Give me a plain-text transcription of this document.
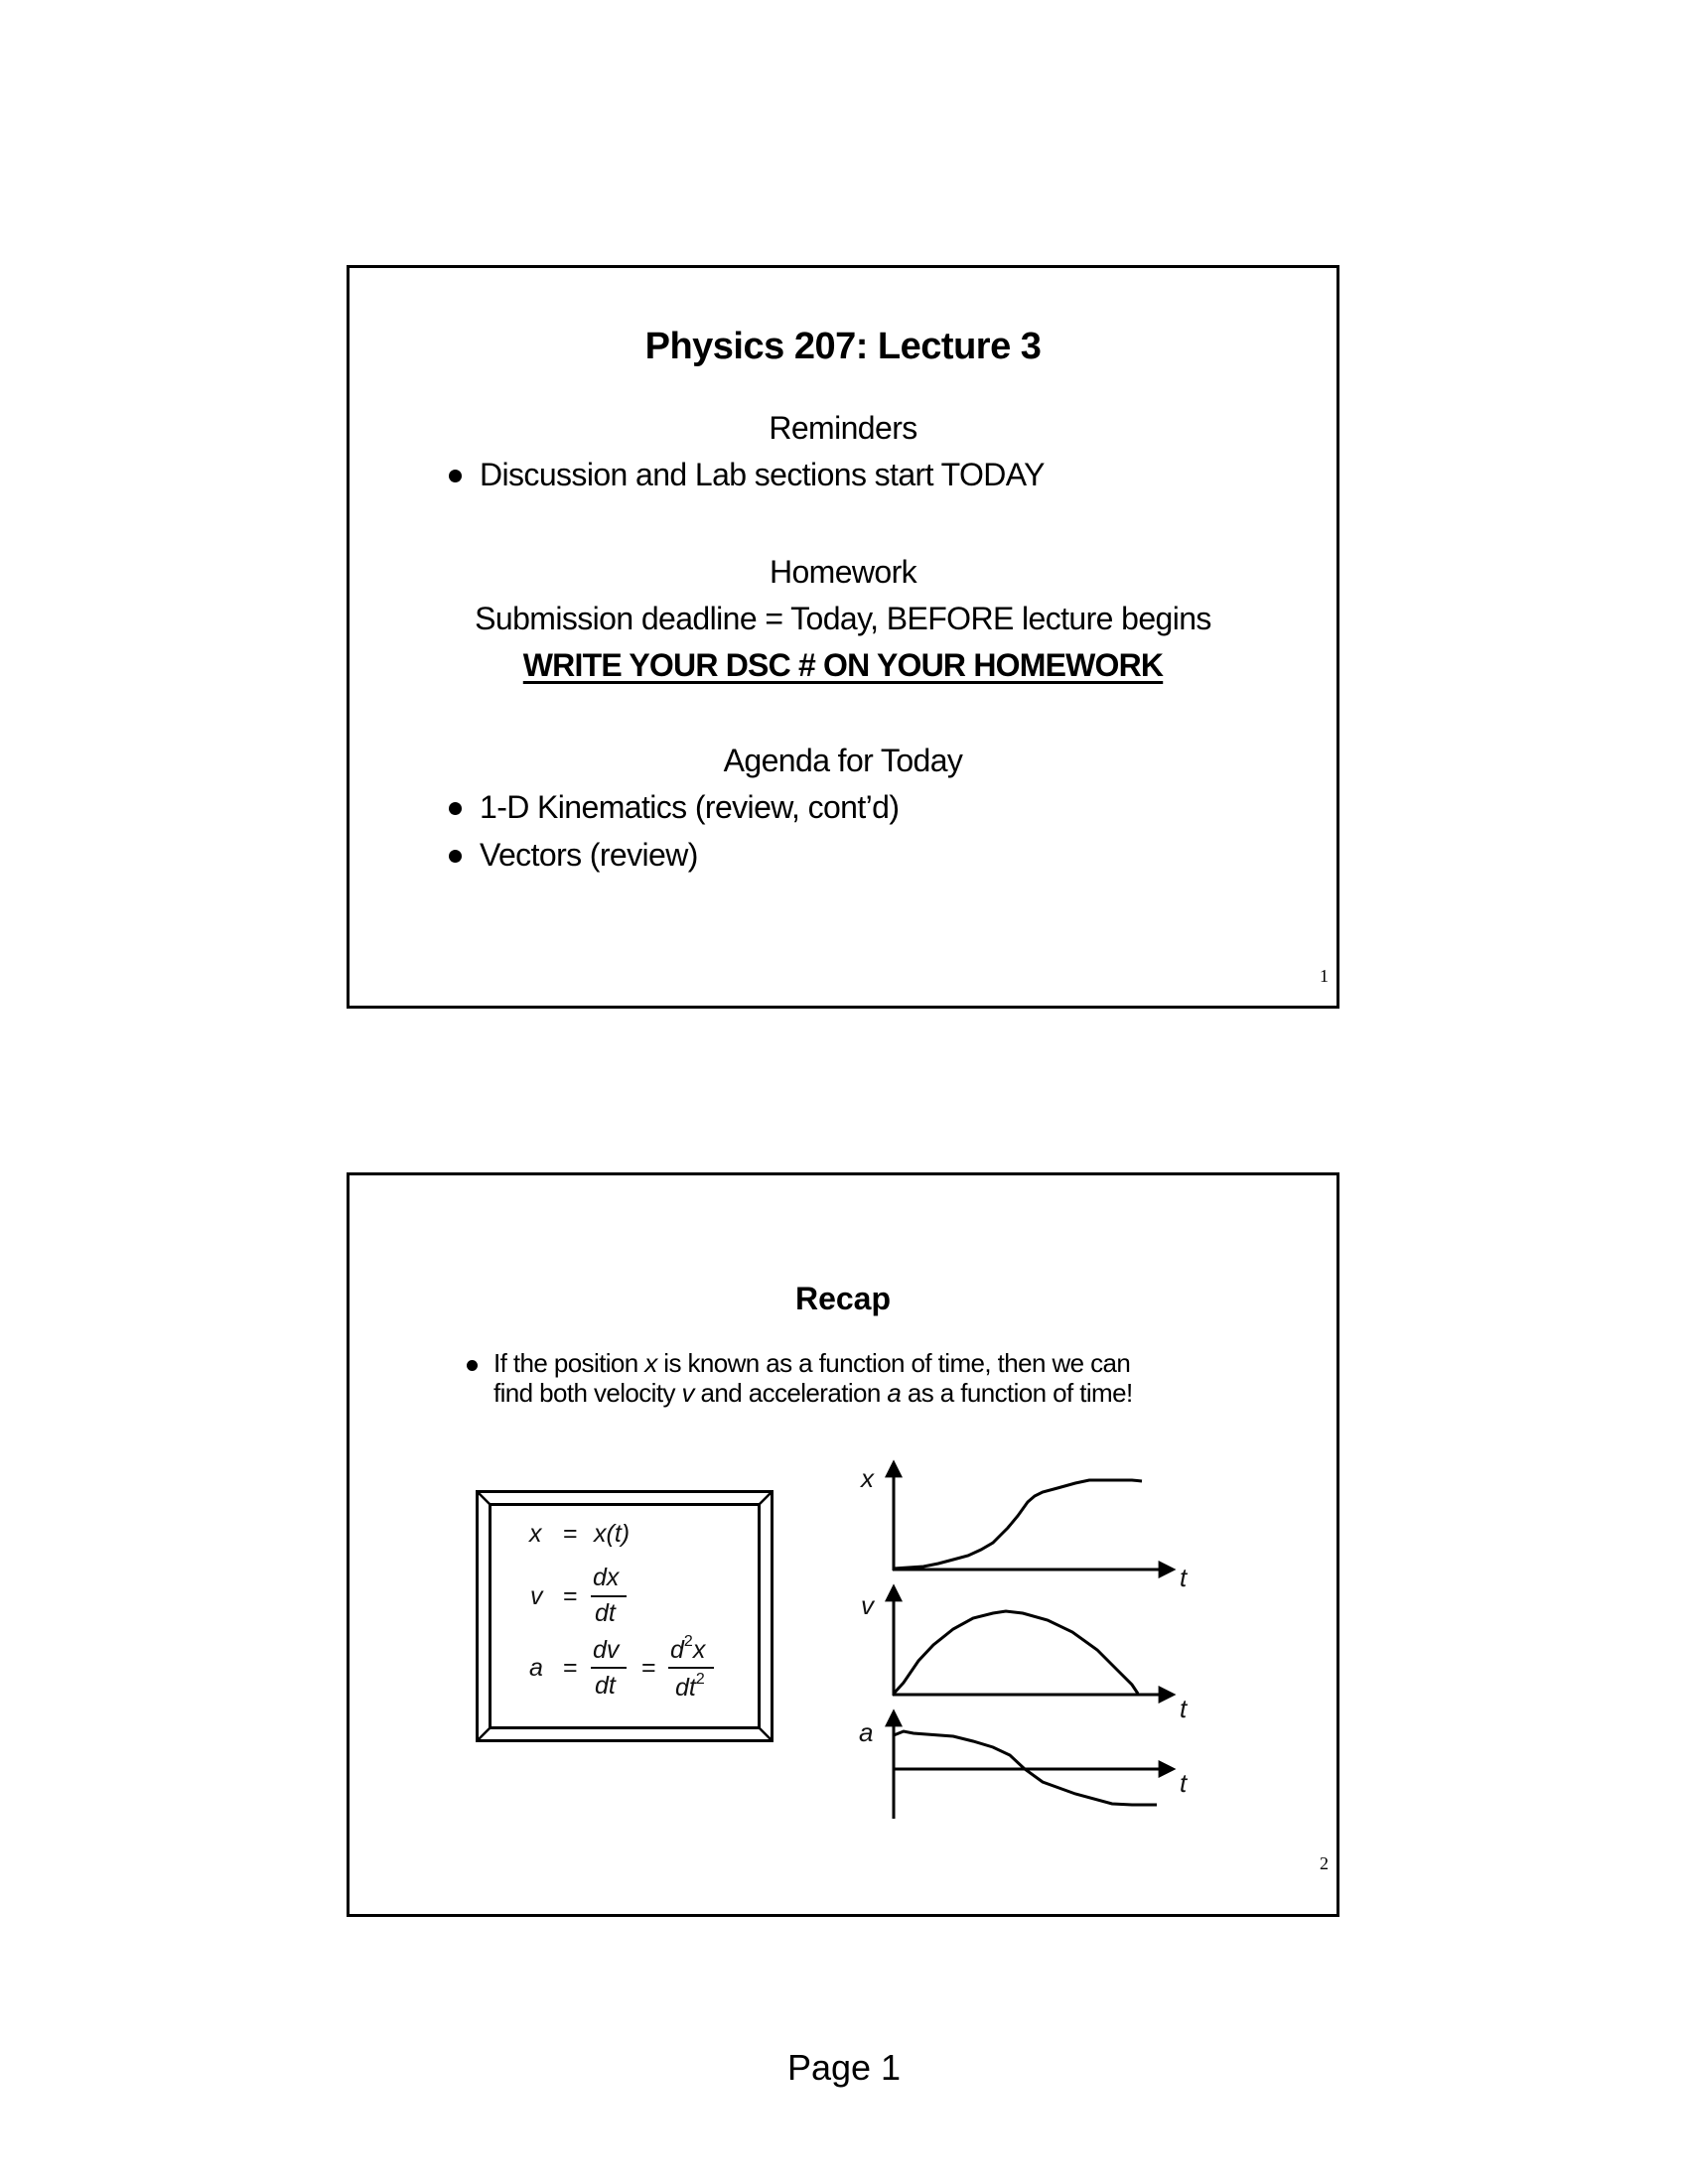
Physics 207: Lecture 3
Reminders
Discussion and Lab sections start TODAY
Homework
Submission deadline = Today, BEFORE lecture begins
WRITE YOUR DSC # ON YOUR HOMEWORK
Agenda for Today
1-D Kinematics (review, cont’d)
Vectors (review)
1
Recap
If the position x is known as a function of time, then we can
find both velocity v and acceleration a as a function of time!
x = x(t)
v =
dx
dt
a =
dv
dt
=
$d^2x$
$dt^2$
x
t
v
t
a
t
2
Page 1
